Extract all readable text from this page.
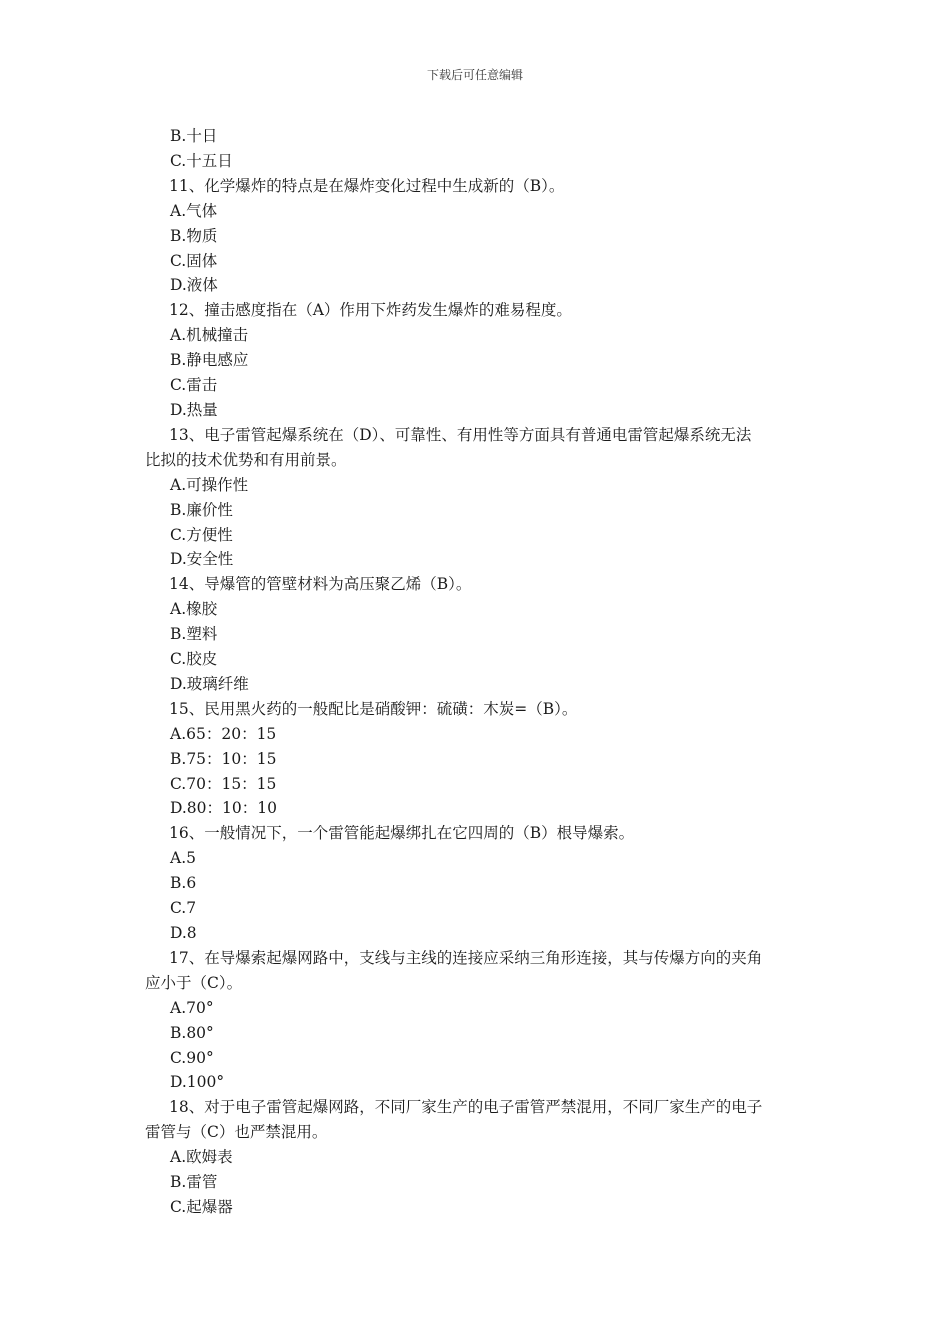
下载后可任意编辑

B.十日

C.十五日

11、化学爆炸的特点是在爆炸变化过程中生成新的（B）。

A.气体

B.物质

C.固体

D.液体

12、撞击感度指在（A）作用下炸药发生爆炸的难易程度。

A.机械撞击

B.静电感应

C.雷击

D.热量

13、电子雷管起爆系统在（D）、可靠性、有用性等方面具有普通电雷管起爆系统无法

比拟的技术优势和有用前景。

A.可操作性

B.廉价性

C.方便性

D.安全性

14、导爆管的管壁材料为高压聚乙烯（B）。

A.橡胶

B.塑料

C.胶皮

D.玻璃纤维

15、民用黑火药的一般配比是硝酸钾：硫磺：木炭=（B）。

A.65：20：15

B.75：10：15

C.70：15：15

D.80：10：10

16、一般情况下，一个雷管能起爆绑扎在它四周的（B）根导爆索。

A.5

B.6

C.7

D.8

17、在导爆索起爆网路中，支线与主线的连接应采纳三角形连接，其与传爆方向的夹角

应小于（C）。

A.70°

B.80°

C.90°

D.100°

18、对于电子雷管起爆网路，不同厂家生产的电子雷管严禁混用，不同厂家生产的电子

雷管与（C）也严禁混用。

A.欧姆表

B.雷管

C.起爆器
